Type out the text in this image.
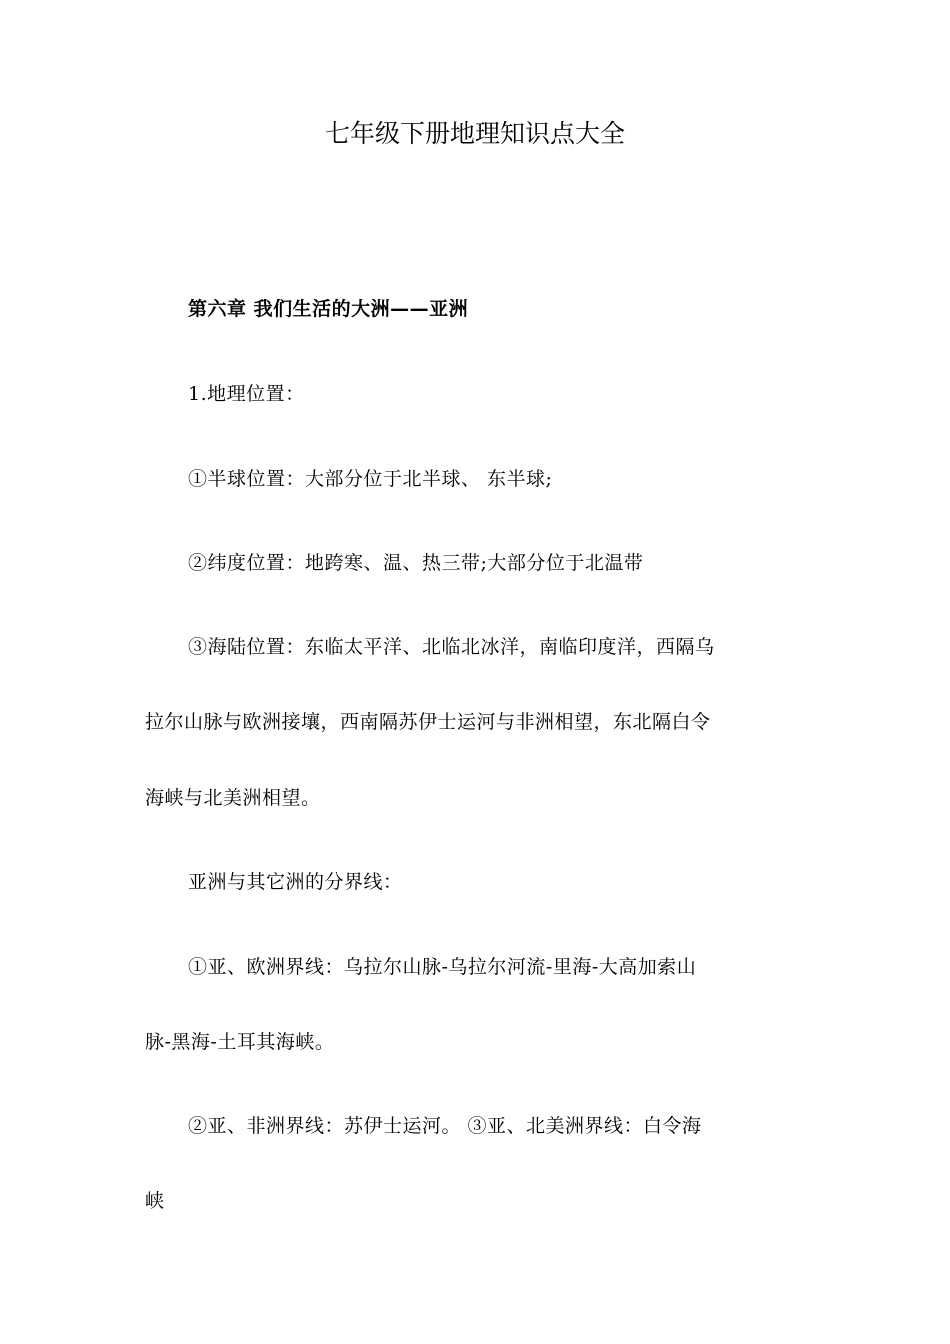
七年级下册地理知识点大全

第六章 我们生活的大洲——亚洲

1.地理位置：

①半球位置：大部分位于北半球、 东半球;

②纬度位置：地跨寒、温、热三带;大部分位于北温带

③海陆位置：东临太平洋、北临北冰洋，南临印度洋，西隔乌

拉尔山脉与欧洲接壤，西南隔苏伊士运河与非洲相望，东北隔白令

海峡与北美洲相望。

亚洲与其它洲的分界线：

①亚、欧洲界线：乌拉尔山脉-乌拉尔河流-里海-大高加索山

脉-黑海-土耳其海峡。

②亚、非洲界线：苏伊士运河。 ③亚、北美洲界线：白令海

峡
